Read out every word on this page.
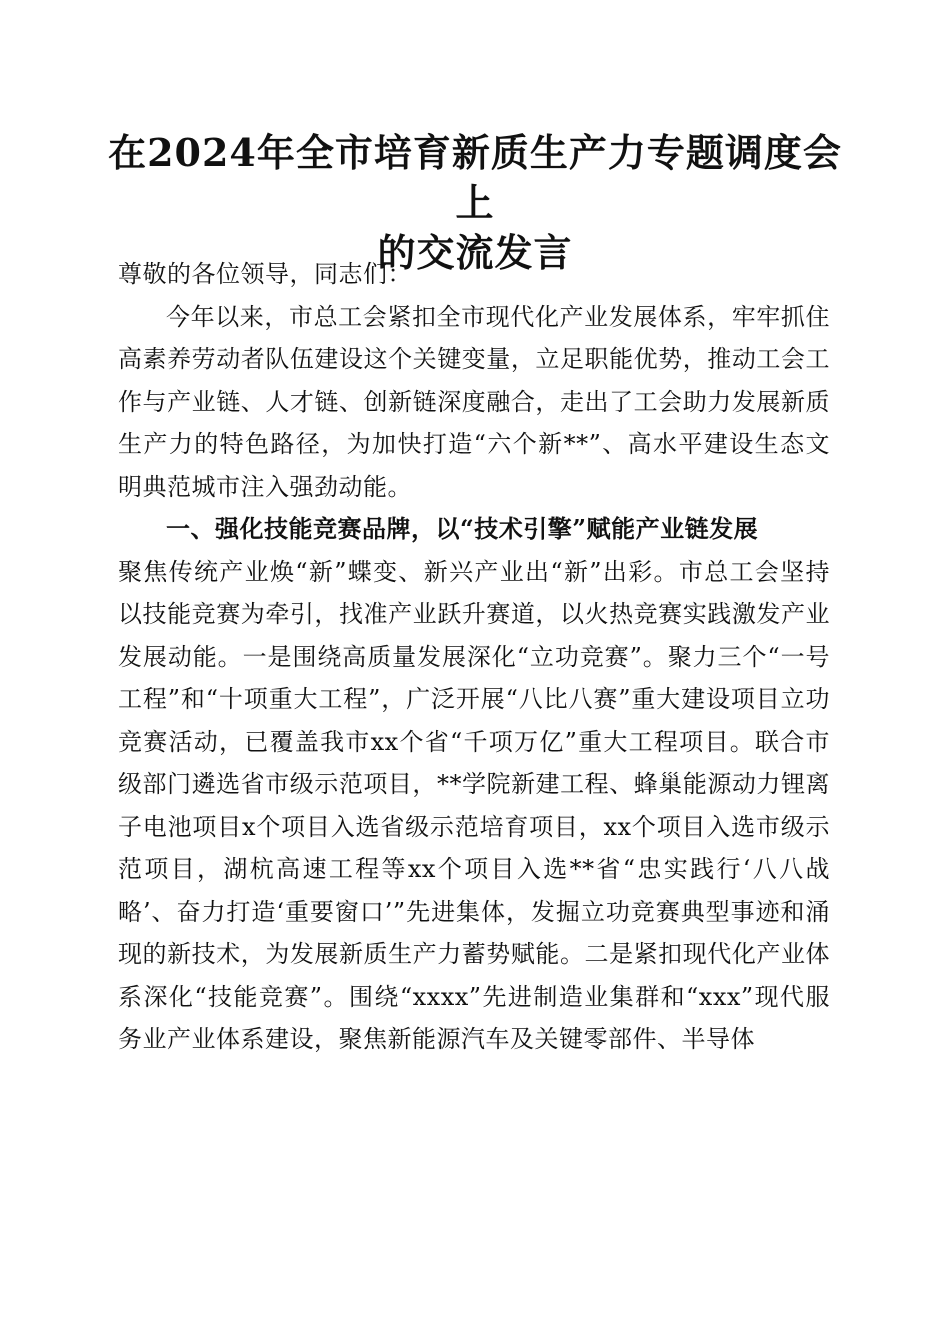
在2024年全市培育新质生产力专题调度会上
的交流发言

尊敬的各位领导，同志们：

今年以来，市总工会紧扣全市现代化产业发展体系，牢牢抓住高素养劳动者队伍建设这个关键变量，立足职能优势，推动工会工作与产业链、人才链、创新链深度融合，走出了工会助力发展新质生产力的特色路径，为加快打造“六个新**”、高水平建设生态文明典范城市注入强劲动能。

一、强化技能竞赛品牌，以“技术引擎”赋能产业链发展

聚焦传统产业焕“新”蝶变、新兴产业出“新”出彩。市总工会坚持以技能竞赛为牵引，找准产业跃升赛道，以火热竞赛实践激发产业发展动能。一是围绕高质量发展深化“立功竞赛”。聚力三个“一号工程”和“十项重大工程”，广泛开展“八比八赛”重大建设项目立功竞赛活动，已覆盖我市xx个省“千项万亿”重大工程项目。联合市级部门遴选省市级示范项目，**学院新建工程、蜂巢能源动力锂离子电池项目x个项目入选省级示范培育项目，xx个项目入选市级示范项目，湖杭高速工程等xx个项目入选**省“忠实践行‘八八战略’、奋力打造‘重要窗口’”先进集体，发掘立功竞赛典型事迹和涌现的新技术，为发展新质生产力蓄势赋能。二是紧扣现代化产业体系深化“技能竞赛”。围绕“xxxx”先进制造业集群和“xxx”现代服务业产业体系建设，聚焦新能源汽车及关键零部件、半导体
